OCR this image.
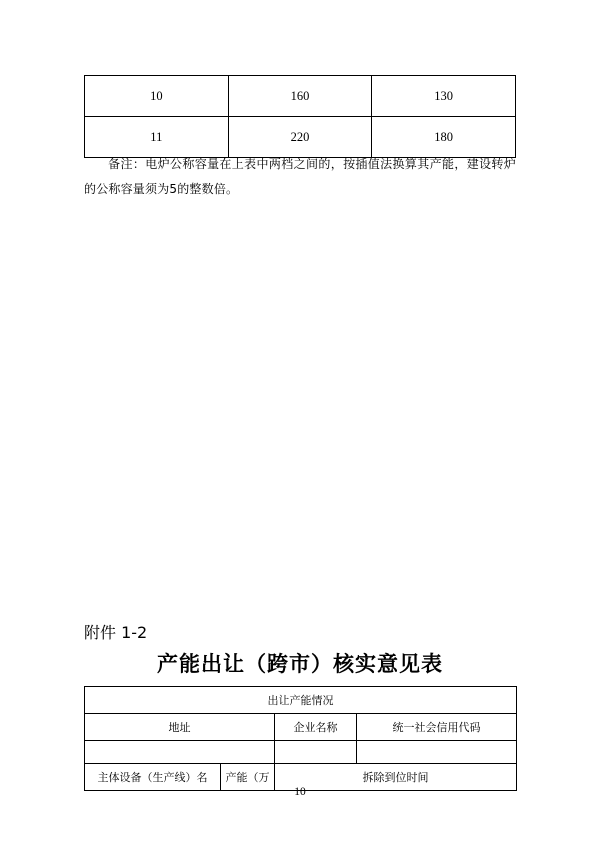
10	160	130
11	220	180
备注：电炉公称容量在上表中两档之间的，按插值法换算其产能，建设转炉的公称容量须为5的整数倍。
附件 1-2
产能出让（跨市）核实意见表
出让产能情况			
地址		企业名称	统一社会信用代码

主体设备（生产线）名	产能（万	拆除到位时间	
10
